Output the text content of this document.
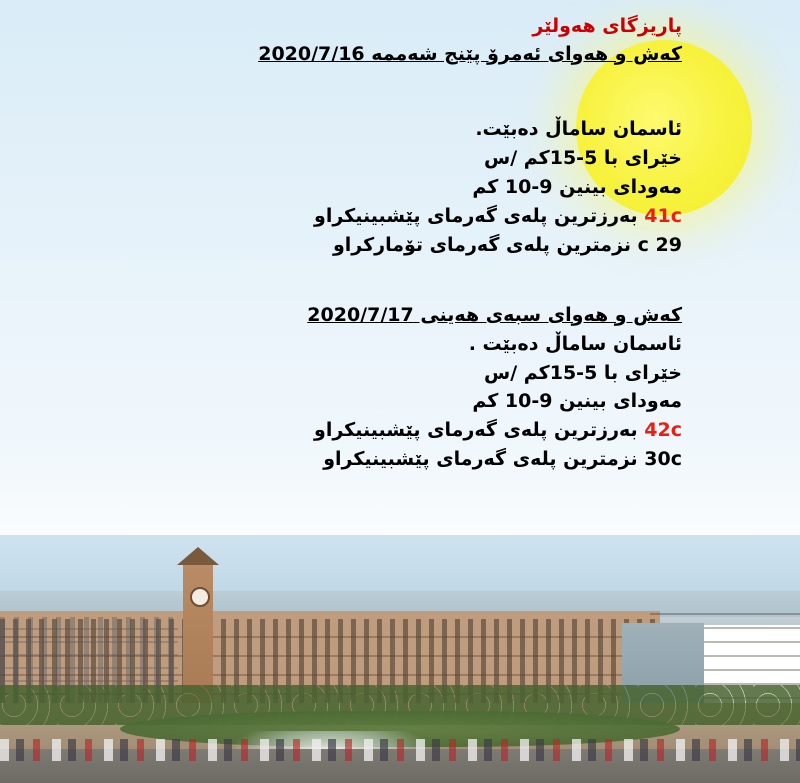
پاریزگای هەولێر
کەش و هەوای ئەمرۆ پێنج شەممە 2020/7/16
ئاسمان ساماڵ دەبێت.
خێرای با 5-15کم /س
مەودای بینین 9-10 کم
41c بەرزترین پلەی گەرمای پێشبینیکراو
29 c نزمترین پلەی گەرمای تۆمارکراو
کەش و هەوای سبەی هەینی 2020/7/17
ئاسمان ساماڵ دەبێت .
خێرای با 5-15کم /س
مەودای بینین 9-10 کم
42c بەرزترین پلەی گەرمای پێشبینیکراو
30c نزمترین پلەی گەرمای پێشبینیکراو
